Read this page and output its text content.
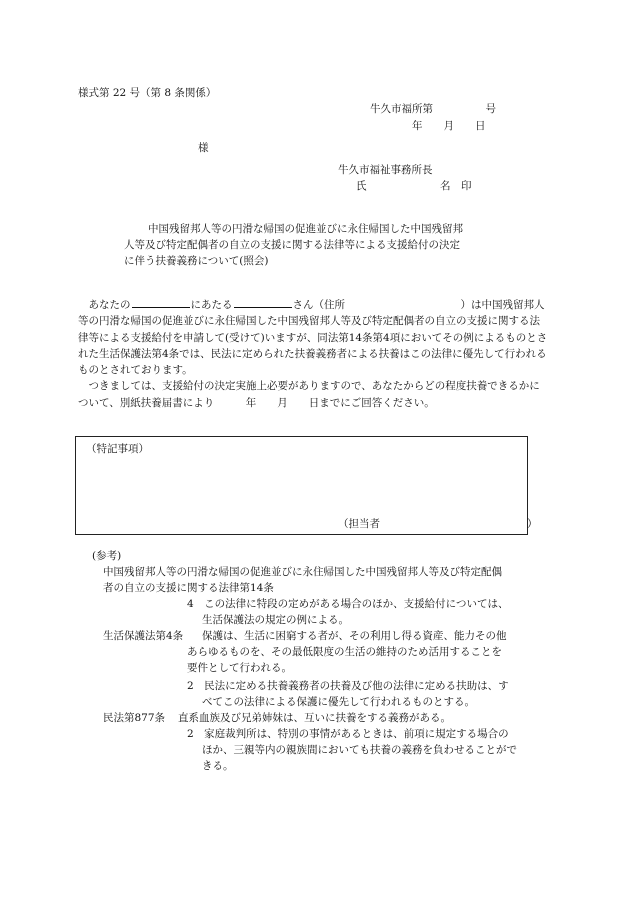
様式第 22 号（第 8 条関係）
牛久市福所第　　　　　号
年　　月　　日
様
牛久市福祉事務所長
氏　　　　　　　名　印
中国残留邦人等の円滑な帰国の促進並びに永住帰国した中国残留邦
人等及び特定配偶者の自立の支援に関する法律等による支援給付の決定
に伴う扶養義務について(照会)

あなたの	にあたる	さん（住所　　　　　　　　　　　）は中国残留邦人等の円滑な帰国の促進並びに永住帰国した中国残留邦人等及び特定配偶者の自立の支援に関する法律等による支援給付を申請して(受けて)いますが、同法第14条第4項においてその例によるものとされた生活保護法第4条では、民法に定められた扶養義務者による扶養はこの法律に優先して行われるものとされております。

つきましては、支援給付の決定実施上必要がありますので、あなたからどの程度扶養できるかについて、別紙扶養届書により　　　年　　月　　日までにご回答ください。

（特記事項）
（担当者　　　　　　　　　　　　　　）
(参考)
中国残留邦人等の円滑な帰国の促進並びに永住帰国した中国残留邦人等及び特定配偶
者の自立の支援に関する法律第14条
4　この法律に特段の定めがある場合のほか、支援給付については、
生活保護法の規定の例による。
生活保護法第4条 保護は、生活に困窮する者が、その利用し得る資産、能力その他
あらゆるものを、その最低限度の生活の維持のため活用することを
要件として行われる。
2　民法に定める扶養義務者の扶養及び他の法律に定める扶助は、す
べてこの法律による保護に優先して行われるものとする。
民法第877条 直系血族及び兄弟姉妹は、互いに扶養をする義務がある。
2　家庭裁判所は、特別の事情があるときは、前項に規定する場合の
ほか、三親等内の親族間においても扶養の義務を負わせることがで
きる。
